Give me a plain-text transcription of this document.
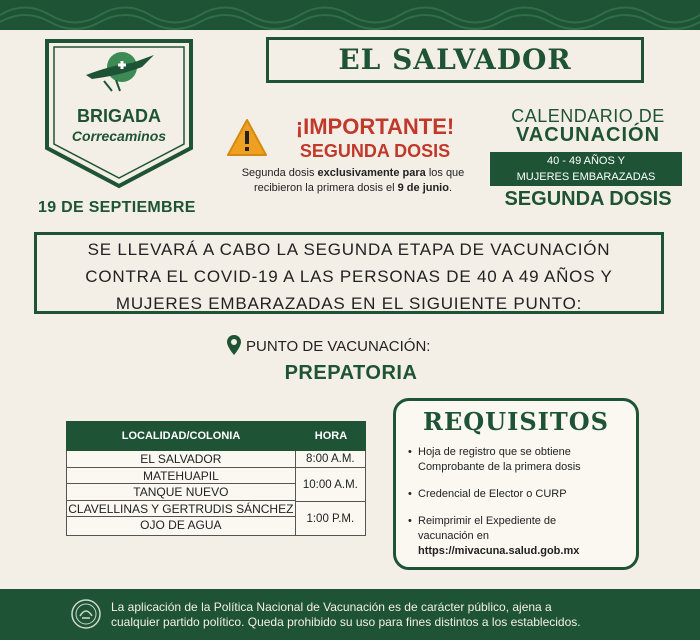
BRIGADA
Correcaminos
19 DE SEPTIEMBRE
EL SALVADOR
¡IMPORTANTE!
SEGUNDA DOSIS
Segunda dosis exclusivamente para los que
recibieron la primera dosis el 9 de junio.
CALENDARIO DE
VACUNACIÓN
40 - 49 AÑOS Y
MUJERES EMBARAZADAS
SEGUNDA DOSIS
SE LLEVARÁ A CABO LA SEGUNDA ETAPA DE VACUNACIÓN
CONTRA EL COVID-19 A LAS PERSONAS DE 40 A 49 AÑOS Y
MUJERES EMBARAZADAS EN EL SIGUIENTE PUNTO:
PUNTO DE VACUNACIÓN:
PREPATORIA
LOCALIDAD/COLONIA	HORA
EL SALVADOR
MATEHUAPIL
TANQUE NUEVO
CLAVELLINAS Y GERTRUDIS SÁNCHEZ
OJO DE AGUA
8:00 A.M.
10:00 A.M.
1:00 P.M.
REQUISITOS
• Hoja de registro que se obtiene
Comprobante de la primera dosis
• Credencial de Elector o CURP
• Reimprimir el Expediente de
vacunación en
https://mivacuna.salud.gob.mx
La aplicación de la Política Nacional de Vacunación es de carácter público, ajena a
cualquier partido político. Queda prohibido su uso para fines distintos a los establecidos.
